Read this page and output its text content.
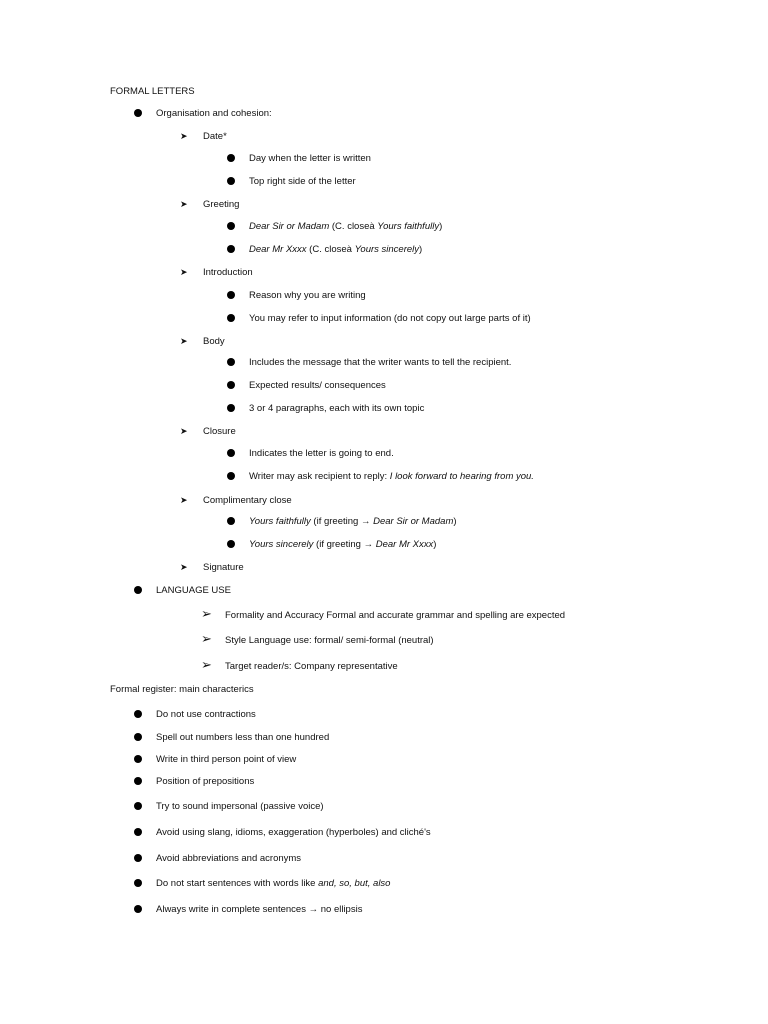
FORMAL LETTERS
Organisation and cohesion:
➤ Date*
Day when the letter is written
Top right side of the letter
➤ Greeting
Dear Sir or Madam (C. closeà Yours faithfully)
Dear Mr Xxxx (C. closeà Yours sincerely)
➤ Introduction
Reason why you are writing
You may refer to input information (do not copy out large parts of it)
➤ Body
Includes the message that the writer wants to tell the recipient.
Expected results/ consequences
3 or 4 paragraphs, each with its own topic
➤ Closure
Indicates the letter is going to end.
Writer may ask recipient to reply: I look forward to hearing from you.
➤ Complimentary close
Yours faithfully (if greeting → Dear Sir or Madam)
Yours sincerely (if greeting → Dear Mr Xxxx)
➤ Signature
LANGUAGE USE
➢ Formality and Accuracy Formal and accurate grammar and spelling are expected
➢ Style Language use: formal/ semi-formal (neutral)
➢ Target reader/s: Company representative
Formal register: main characterics
Do not use contractions
Spell out numbers less than one hundred
Write in third person point of view
Position of prepositions
Try to sound impersonal (passive voice)
Avoid using slang, idioms, exaggeration (hyperboles) and cliché's
Avoid abbreviations and acronyms
Do not start sentences with words like and, so, but, also
Always write in complete sentences → no ellipsis
